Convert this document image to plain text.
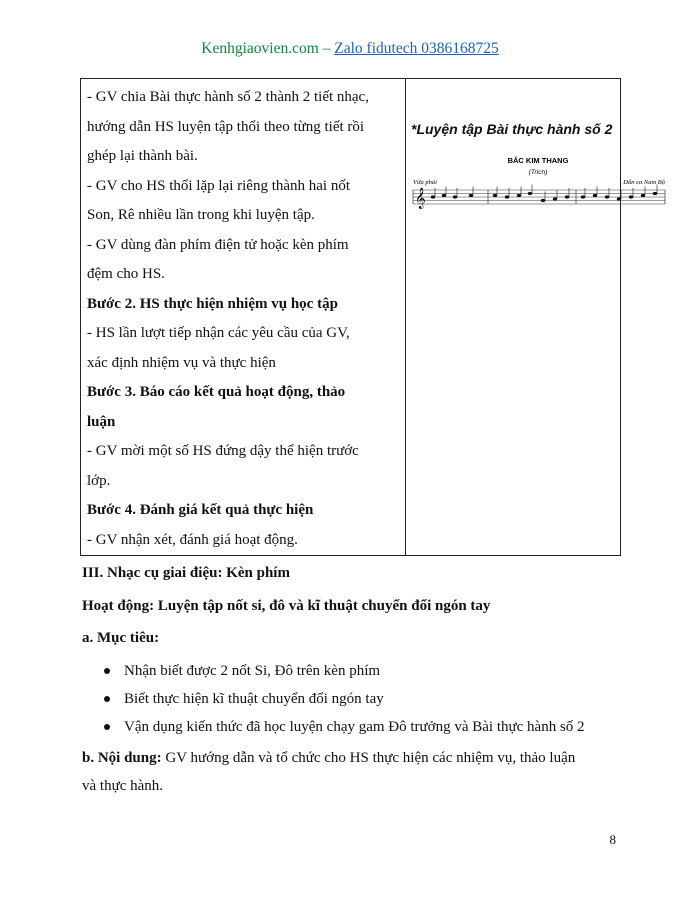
Kenhgiaovien.com – Zalo fidutech 0386168725

- GV chia Bài thực hành số 2 thành 2 tiết nhạc,

hướng dẫn HS luyện tập thổi theo từng tiết rồi

ghép lại thành bài.

- GV cho HS thổi lặp lại riêng thành hai nốt

Son, Rê nhiều lần trong khi luyện tập.

- GV dùng đàn phím điện tử hoặc kèn phím

đệm cho HS.

Bước 2. HS thực hiện nhiệm vụ học tập

- HS lần lượt tiếp nhận các yêu cầu của GV,

xác định nhiệm vụ và thực hiện

Bước 3. Báo cáo kết quả hoạt động, thảo

luận

- GV mời một số HS đứng dậy thể hiện trước

lớp.

Bước 4. Đánh giá kết quả thực hiện

- GV nhận xét, đánh giá hoạt động.

*Luyện tập Bài thực hành số 2
BẮC KIM THANG
(Trích)
Vừa phải	Dân ca Nam Bộ
𝄞
III. Nhạc cụ giai điệu: Kèn phím
Hoạt động: Luyện tập nốt si, đô và kĩ thuật chuyển đổi ngón tay
a. Mục tiêu:
Nhận biết được 2 nốt Si, Đô trên kèn phím
Biết thực hiện kĩ thuật chuyển đổi ngón tay
Vận dụng kiến thức đã học luyện chạy gam Đô trưởng và Bài thực hành số 2
b. Nội dung: GV hướng dẫn và tổ chức cho HS thực hiện các nhiệm vụ, thảo luận
và thực hành.
8
